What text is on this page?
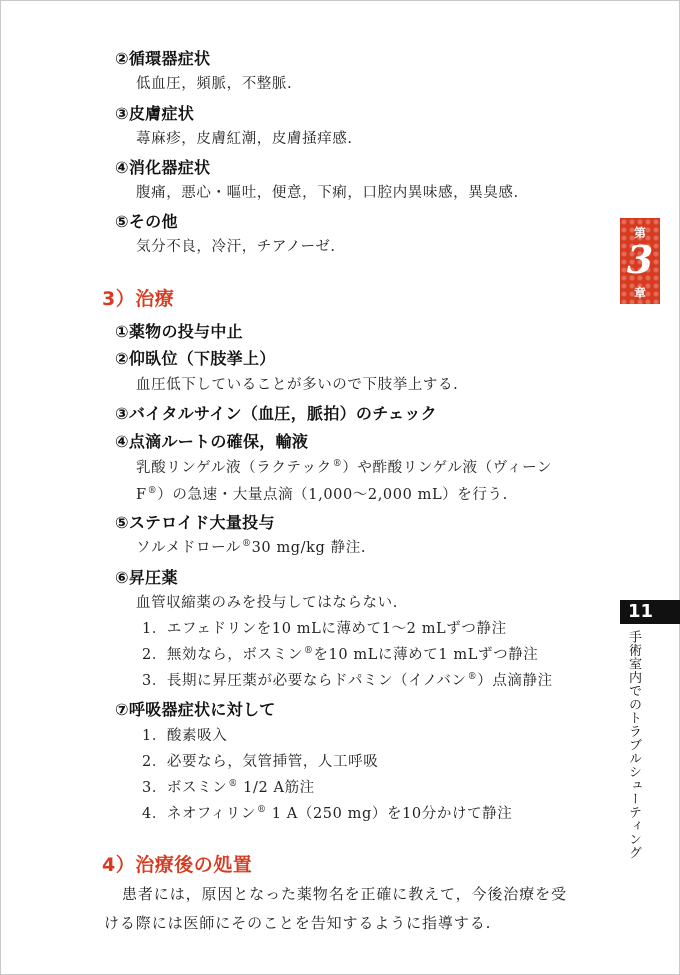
②循環器症状
低血圧，頻脈，不整脈.
③皮膚症状
蕁麻疹，皮膚紅潮，皮膚掻痒感.
④消化器症状
腹痛，悪心・嘔吐，便意，下痢，口腔内異味感，異臭感.
⑤その他
気分不良，冷汗，チアノーゼ.
3）治療
①薬物の投与中止
②仰臥位（下肢挙上）
血圧低下していることが多いので下肢挙上する.
③バイタルサイン（血圧，脈拍）のチェック
④点滴ルートの確保，輸液
乳酸リンゲル液（ラクテック®）や酢酸リンゲル液（ヴィーン
F®）の急速・大量点滴（1,000～2,000 mL）を行う.
⑤ステロイド大量投与
ソルメドロール®30 mg/kg 静注.
⑥昇圧薬
血管収縮薬のみを投与してはならない.
1．エフェドリンを10 mLに薄めて1～2 mLずつ静注
2．無効なら，ボスミン®を10 mLに薄めて1 mLずつ静注
3．長期に昇圧薬が必要ならドパミン（イノバン®）点滴静注
⑦呼吸器症状に対して
1．酸素吸入
2．必要なら，気管挿管，人工呼吸
3．ボスミン® 1/2 A筋注
4．ネオフィリン® 1 A（250 mg）を10分かけて静注
4）治療後の処置
患者には，原因となった薬物名を正確に教えて，今後治療を受
ける際には医師にそのことを告知するように指導する.
第
3
章
11
手術室内でのトラブルシューティング
